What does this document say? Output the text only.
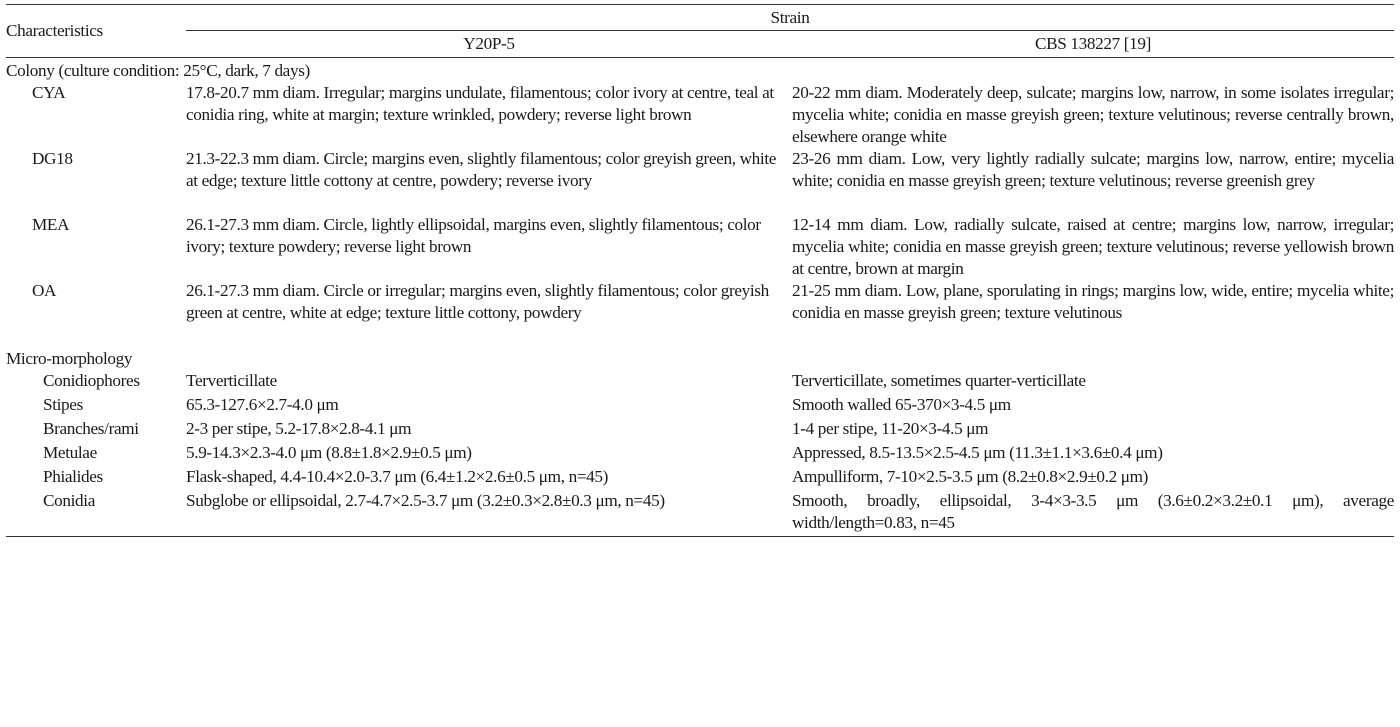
Characteristics	Strain	

	Y20P-5	CBS 138227 [19]
Colony (culture condition: 25°C, dark, 7 days)		
CYA	17.8-20.7 mm diam. Irregular; margins undulate, filamentous; color ivory at centre, teal at conidia ring, white at margin; texture wrinkled, powdery; reverse light brown	20-22 mm diam. Moderately deep, sulcate; margins low, narrow, in some isolates irregular; mycelia white; conidia en masse greyish green; texture velutinous; reverse centrally brown, elsewhere orange white
DG18	21.3-22.3 mm diam. Circle; margins even, slightly filamentous; color greyish green, white at edge; texture little cottony at centre, powdery; reverse ivory	23-26 mm diam. Low, very lightly radially sulcate; margins low, narrow, entire; mycelia white; conidia en masse greyish green; texture velutinous; reverse greenish grey
MEA	26.1-27.3 mm diam. Circle, lightly ellipsoidal, margins even, slightly filamentous; color ivory; texture powdery; reverse light brown	12-14 mm diam. Low, radially sulcate, raised at centre; margins low, narrow, irregular; mycelia white; conidia en masse greyish green; texture velutinous; reverse yellowish brown at centre, brown at margin
OA	26.1-27.3 mm diam. Circle or irregular; margins even, slightly filamentous; color greyish green at centre, white at edge; texture little cottony, powdery	21-25 mm diam. Low, plane, sporulating in rings; margins low, wide, entire; mycelia white; conidia en masse greyish green; texture velutinous
Micro-morphology		
Conidiophores	Terverticillate	Terverticillate, sometimes quarter-verticillate
Stipes	65.3-127.6×2.7-4.0 μm	Smooth walled 65-370×3-4.5 μm
Branches/rami	2-3 per stipe, 5.2-17.8×2.8-4.1 μm	1-4 per stipe, 11-20×3-4.5 μm
Metulae	5.9-14.3×2.3-4.0 μm (8.8±1.8×2.9±0.5 μm)	Appressed, 8.5-13.5×2.5-4.5 μm (11.3±1.1×3.6±0.4 μm)
Phialides	Flask-shaped, 4.4-10.4×2.0-3.7 μm (6.4±1.2×2.6±0.5 μm, n=45)	Ampulliform, 7-10×2.5-3.5 μm (8.2±0.8×2.9±0.2 μm)
Conidia	Subglobe or ellipsoidal, 2.7-4.7×2.5-3.7 μm (3.2±0.3×2.8±0.3 μm, n=45)	Smooth, broadly, ellipsoidal, 3-4×3-3.5 μm (3.6±0.2×3.2±0.1 μm), average width/length=0.83, n=45
